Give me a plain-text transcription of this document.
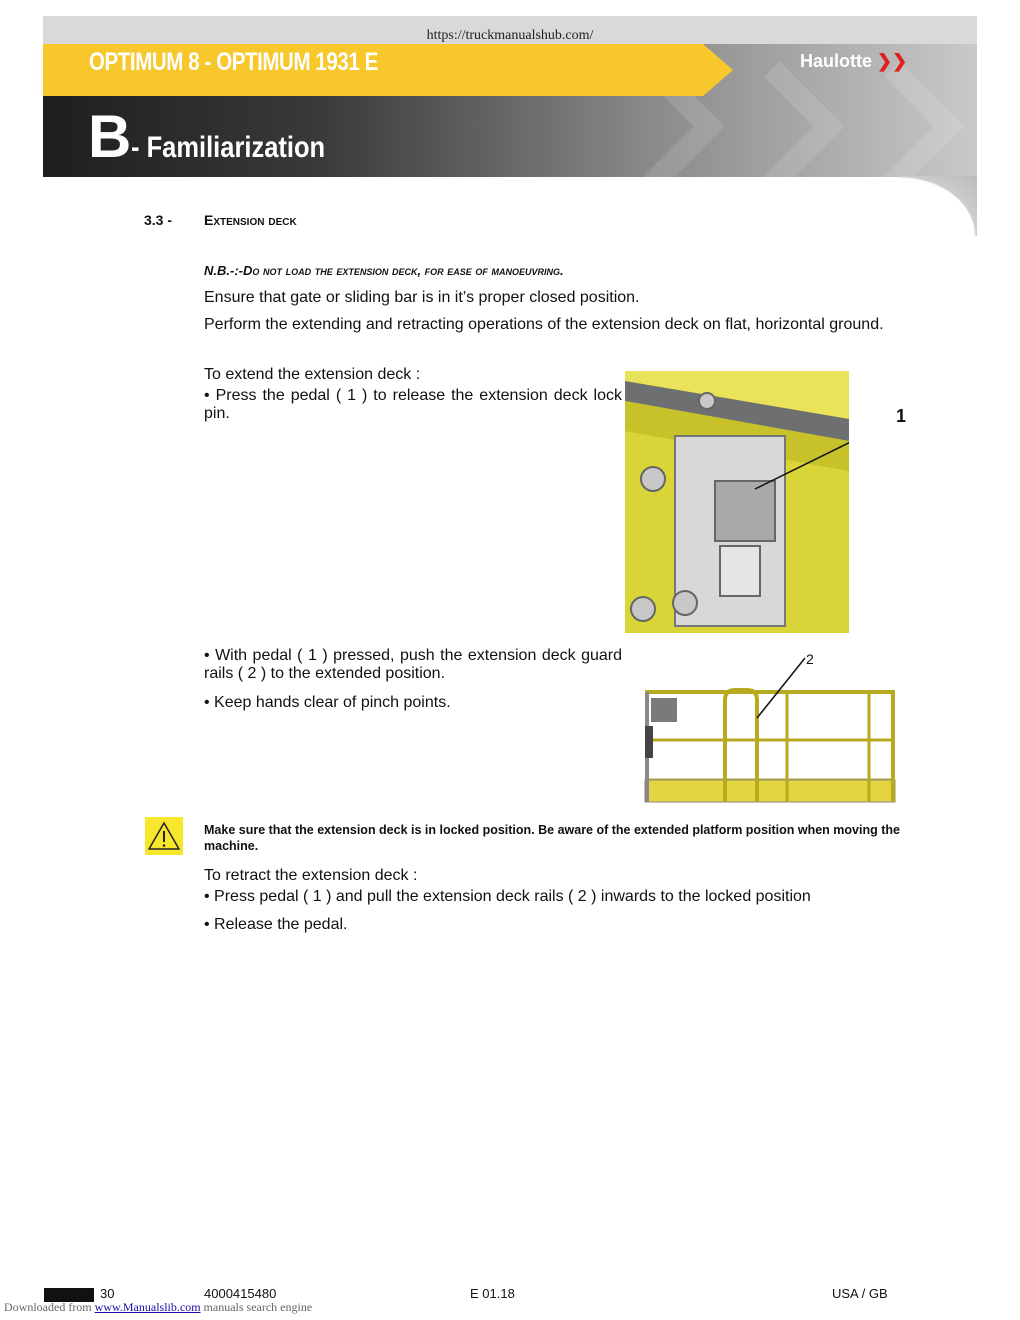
OPTIMUM 8 - OPTIMUM 1931 E	Haulotte ❯❯
B- Familiarization
https://truckmanualshub.com/
3.3 - Extension deck
N.B.-:-Do not load the extension deck, for ease of manoeuvring.
Ensure that gate or sliding bar is in it’s proper closed position.
Perform the extending and retracting operations of the extension deck on flat, horizontal ground.
To extend the extension deck :
• Press the pedal ( 1 ) to release the extension deck lock pin.	1
• With pedal ( 1 ) pressed, push the extension deck guard rails ( 2 ) to the extended position.
• Keep hands clear of pinch points.
2
Make sure that the extension deck is in locked position. Be aware of the extended platform position when moving the machine.
To retract the extension deck :
• Press pedal ( 1 ) and pull the extension deck rails ( 2 ) inwards to the locked position
• Release the pedal.
30	4000415480	E 01.18	USA / GB
Downloaded from www.Manualslib.com manuals search engine
